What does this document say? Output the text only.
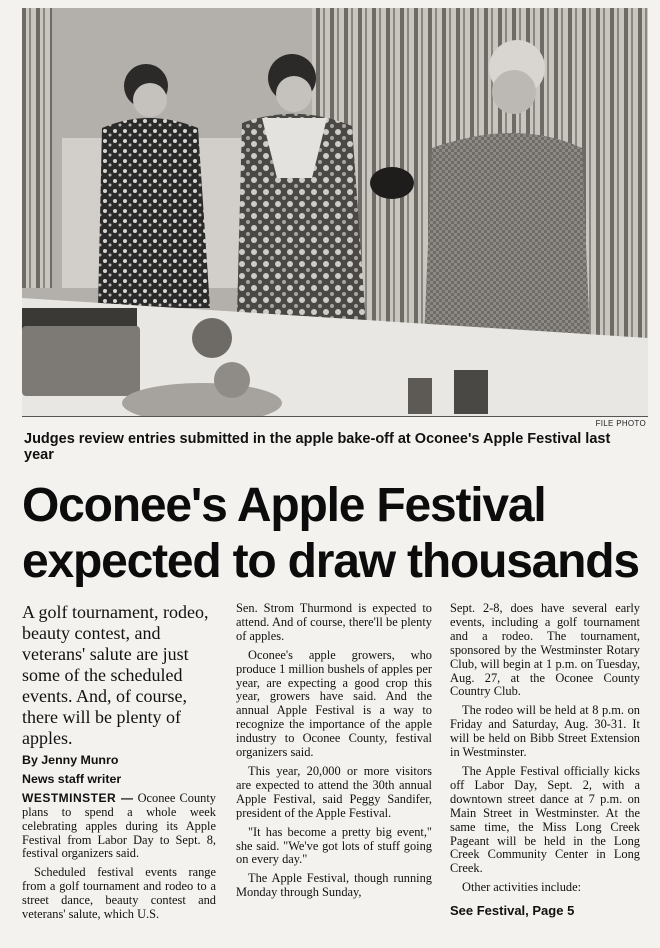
FILE PHOTO
Judges review entries submitted in the apple bake-off at Oconee's Apple Festival last year
Oconee's Apple Festival expected to draw thousands

A golf tournament, rodeo, beauty contest, and veterans' salute are just some of the scheduled events. And, of course, there will be plenty of apples.

By Jenny Munro

News staff writer

WESTMINSTER — Oconee County plans to spend a whole week celebrating apples during its Apple Festival from Labor Day to Sept. 8, festival organizers said.

Scheduled festival events range from a golf tournament and rodeo to a street dance, beauty contest and veterans' salute, which U.S.

Sen. Strom Thurmond is expected to attend. And of course, there'll be plenty of apples.

Oconee's apple growers, who produce 1 million bushels of apples per year, are expecting a good crop this year, growers have said. And the annual Apple Festival is a way to recognize the importance of the apple industry to Oconee County, festival organizers said.

This year, 20,000 or more visitors are expected to attend the 30th annual Apple Festival, said Peggy Sandifer, president of the Apple Festival.

"It has become a pretty big event," she said. "We've got lots of stuff going on every day."

The Apple Festival, though running Monday through Sunday,

Sept. 2-8, does have several early events, including a golf tournament and a rodeo. The tournament, sponsored by the Westminster Rotary Club, will begin at 1 p.m. on Tuesday, Aug. 27, at the Oconee County Country Club.

The rodeo will be held at 8 p.m. on Friday and Saturday, Aug. 30-31. It will be held on Bibb Street Extension in Westminster.

The Apple Festival officially kicks off Labor Day, Sept. 2, with a downtown street dance at 7 p.m. on Main Street in Westminster. At the same time, the Miss Long Creek Pageant will be held in the Long Creek Community Center in Long Creek.

Other activities include:

See Festival, Page 5
